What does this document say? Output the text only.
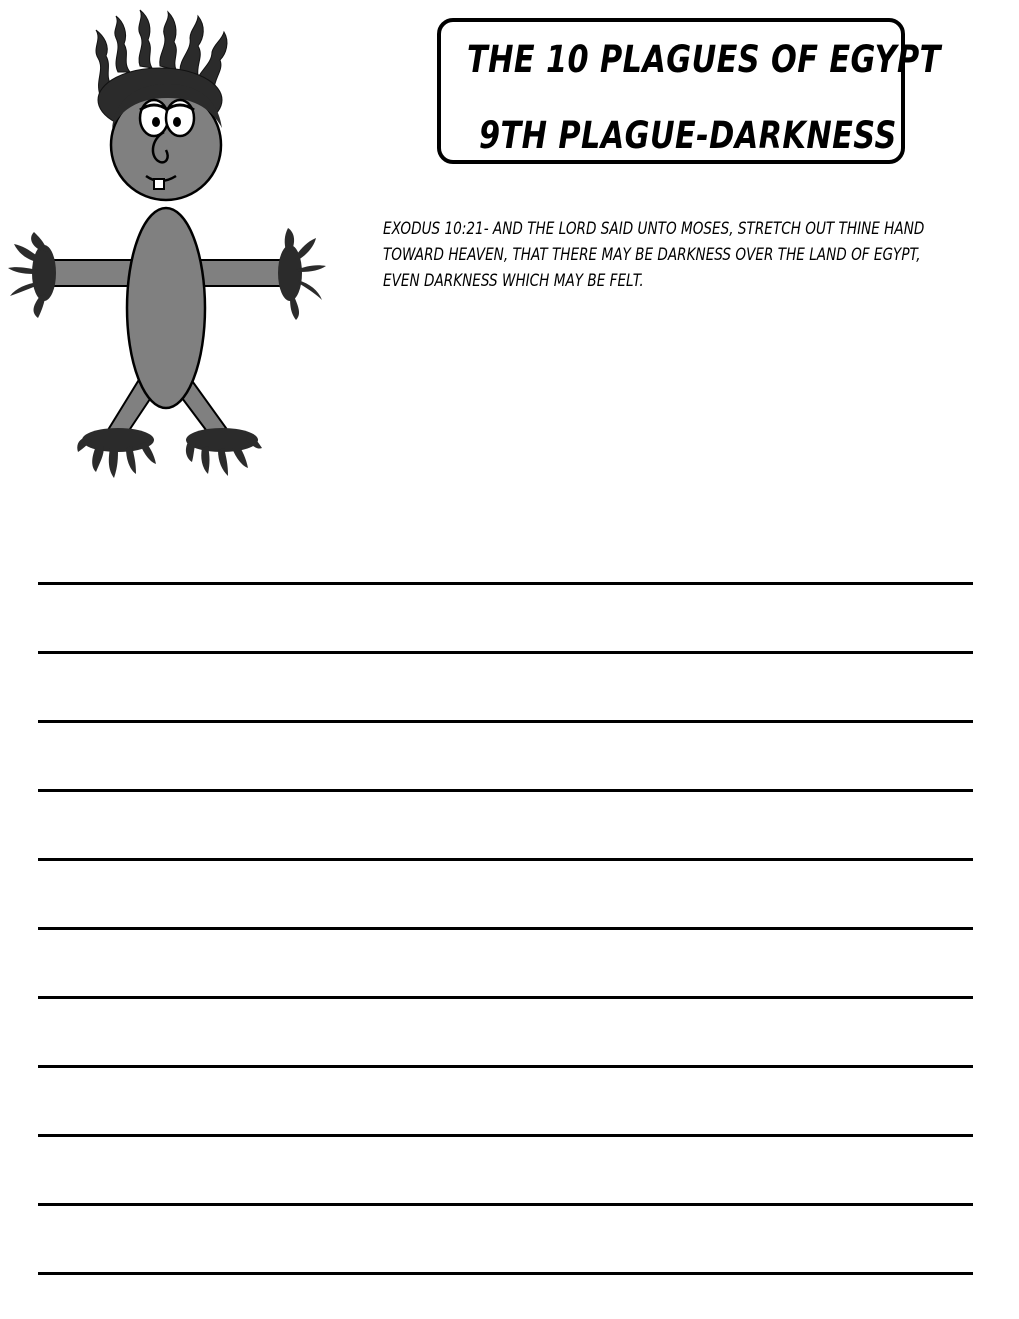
THE 10 PLAGUES OF EGYPT
9TH PLAGUE-DARKNESS
EXODUS 10:21- AND THE LORD SAID UNTO MOSES, STRETCH OUT THINE HAND
TOWARD HEAVEN, THAT THERE MAY BE DARKNESS OVER THE LAND OF EGYPT,
EVEN DARKNESS WHICH MAY BE FELT.
